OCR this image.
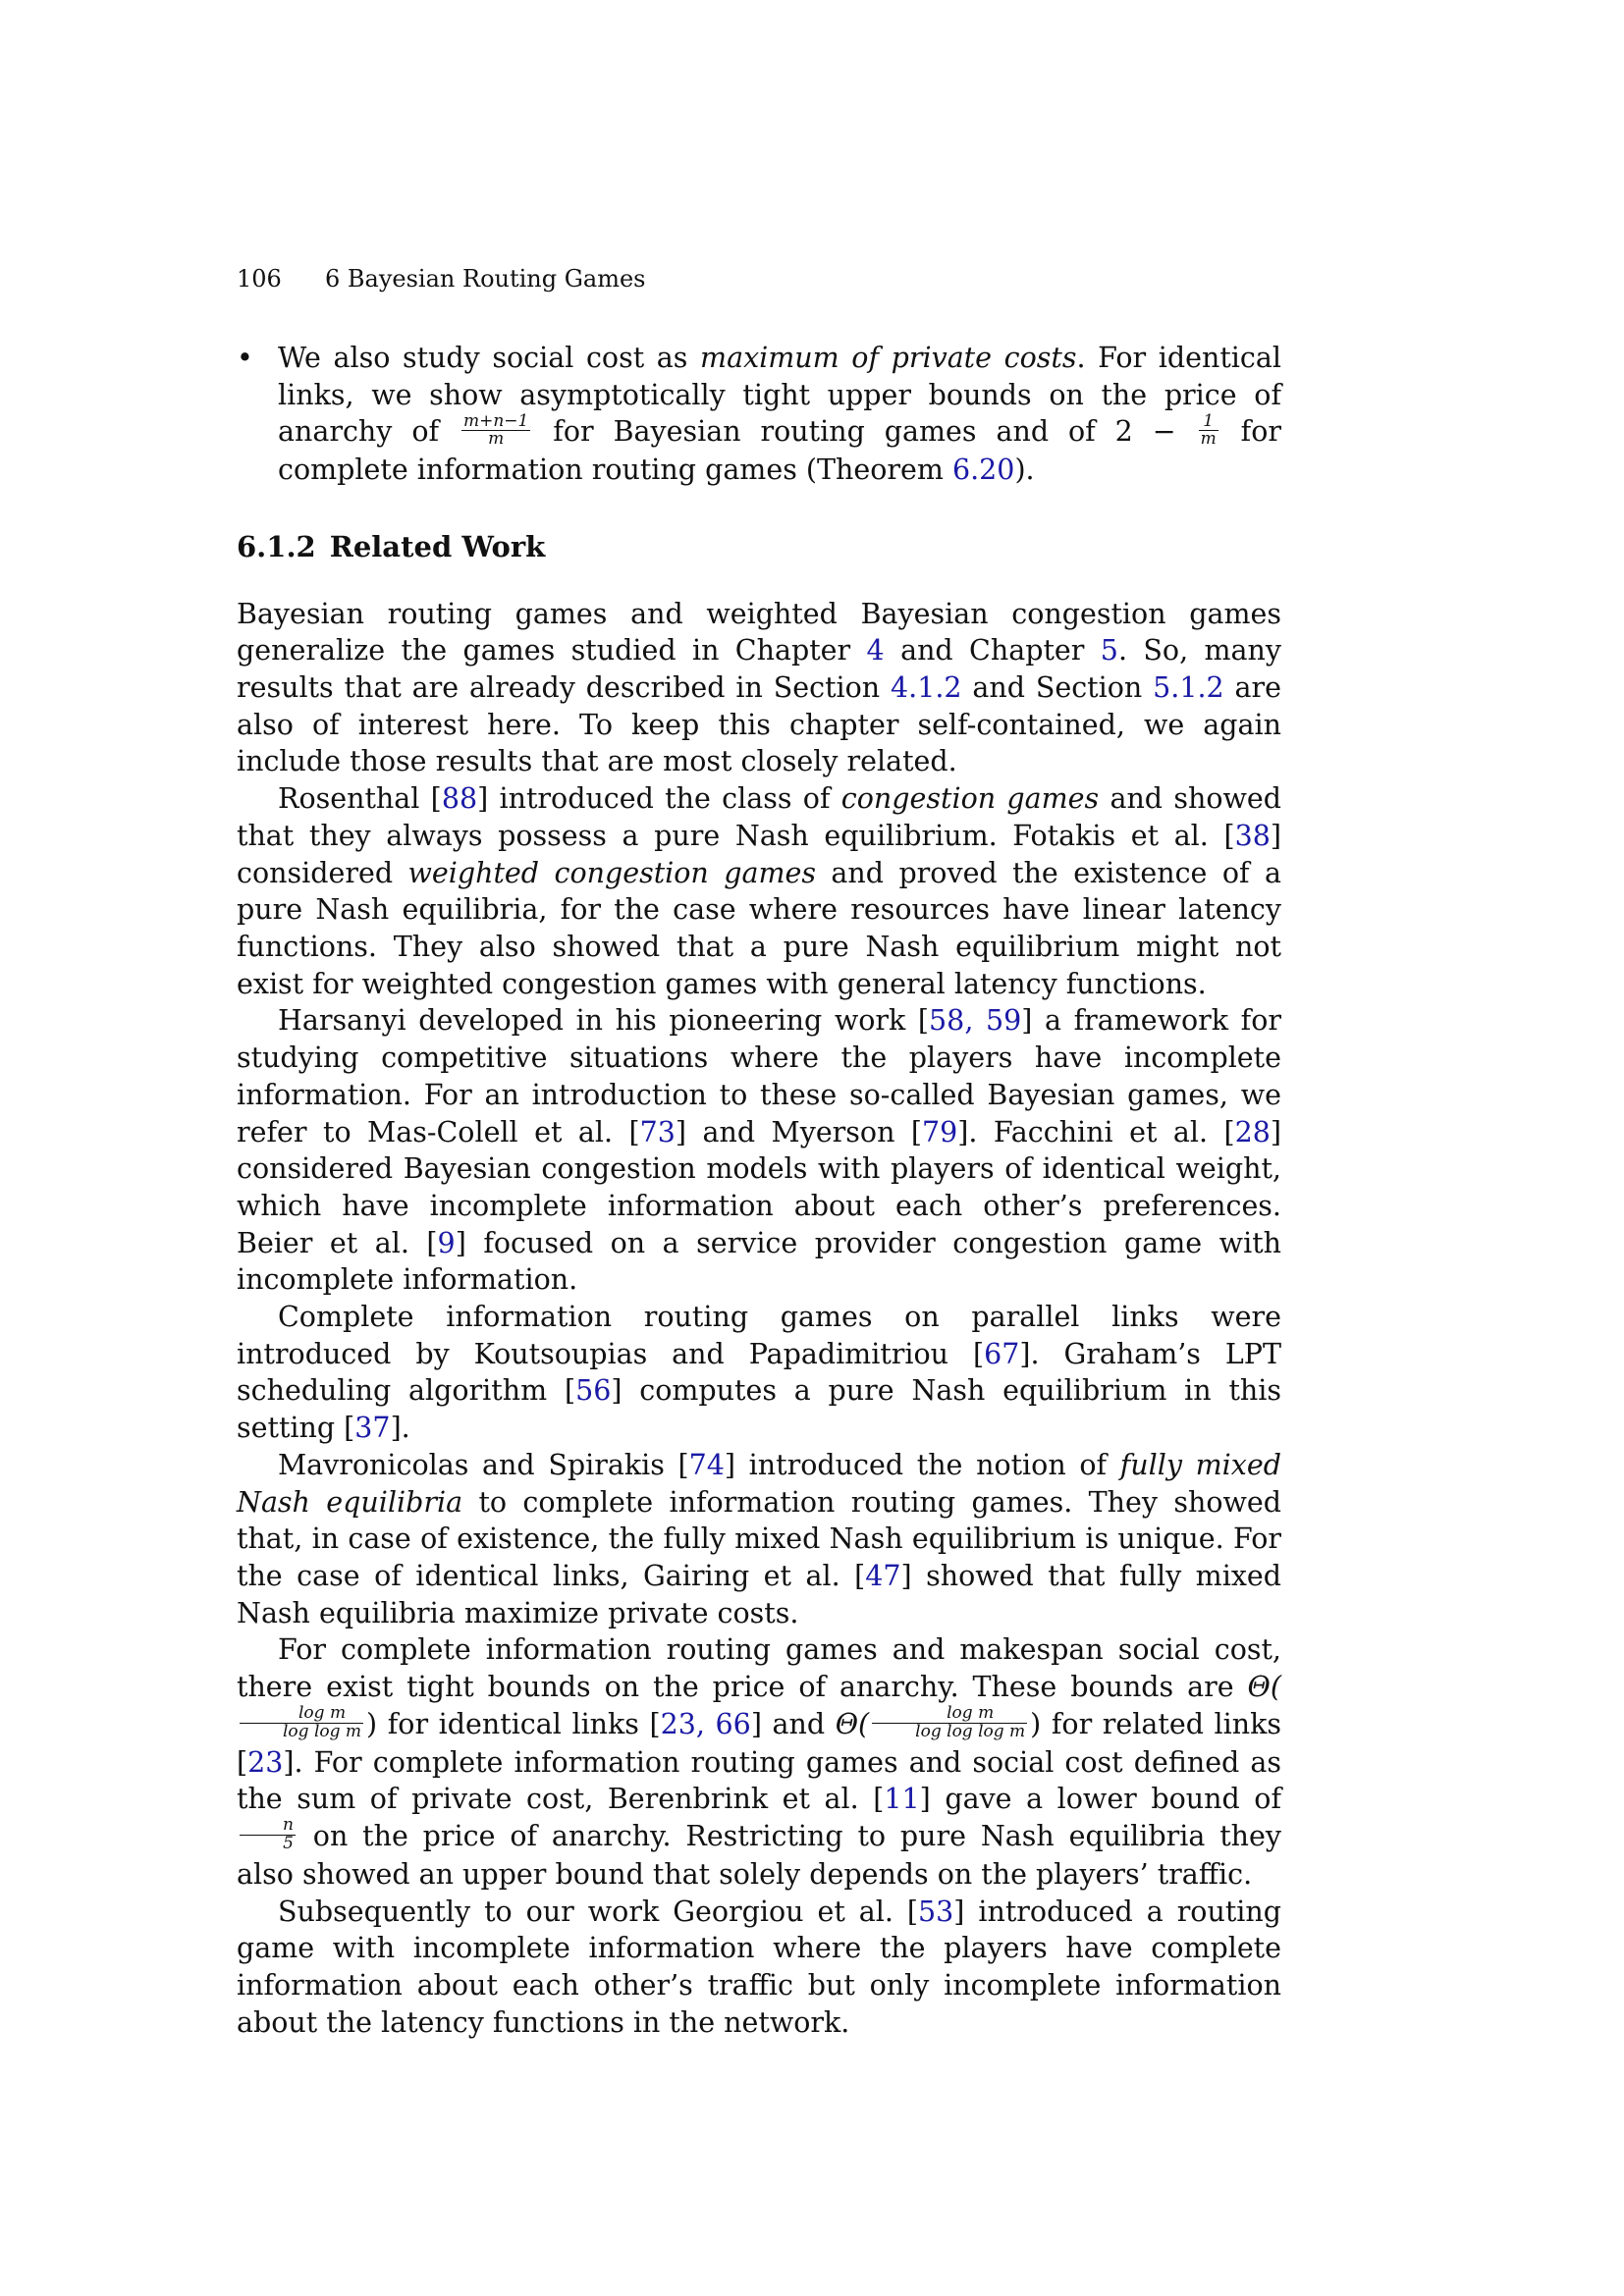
106	6 Bayesian Routing Games
• We also study social cost as maximum of private costs. For identical links, we show asymptotically tight upper bounds on the price of anarchy of $\frac{m+n-1}{m}$ for Bayesian routing games and of $2 - \frac{1}{m}$ for complete information routing games (Theorem 6.20).
6.1.2 Related Work

Bayesian routing games and weighted Bayesian congestion games generalize the games studied in Chapter 4 and Chapter 5. So, many results that are already described in Section 4.1.2 and Section 5.1.2 are also of interest here. To keep this chapter self-contained, we again include those results that are most closely related.

Rosenthal [88] introduced the class of congestion games and showed that they always possess a pure Nash equilibrium. Fotakis et al. [38] considered weighted congestion games and proved the existence of a pure Nash equilibria, for the case where resources have linear latency functions. They also showed that a pure Nash equilibrium might not exist for weighted congestion games with general latency functions.

Harsanyi developed in his pioneering work [58, 59] a framework for studying competitive situations where the players have incomplete information. For an introduction to these so-called Bayesian games, we refer to Mas-Colell et al. [73] and Myerson [79]. Facchini et al. [28] considered Bayesian congestion models with players of identical weight, which have incomplete information about each other’s preferences. Beier et al. [9] focused on a service provider congestion game with incomplete information.

Complete information routing games on parallel links were introduced by Koutsoupias and Papadimitriou [67]. Graham’s LPT scheduling algorithm [56] computes a pure Nash equilibrium in this setting [37].

Mavronicolas and Spirakis [74] introduced the notion of fully mixed Nash equilibria to complete information routing games. They showed that, in case of existence, the fully mixed Nash equilibrium is unique. For the case of identical links, Gairing et al. [47] showed that fully mixed Nash equilibria maximize private costs.

For complete information routing games and makespan social cost, there exist tight bounds on the price of anarchy. These bounds are Θ(
$\frac{\text{log m}}{\text{log log m}}$ ) for identical links [23, 66] and $\Theta( \frac{\text{log m}}{\text{log log log m}}$ ) for related links [23]. For complete information routing games and social cost defined as the sum of private cost, Berenbrink et al. [11] gave a lower bound of
$\frac{n}{5}$ on the price of anarchy. Restricting to pure Nash equilibria they also showed an upper bound that solely depends on the players’ traffic.

Subsequently to our work Georgiou et al. [53] introduced a routing game with incomplete information where the players have complete information about each other’s traffic but only incomplete information about the latency functions in the network.
